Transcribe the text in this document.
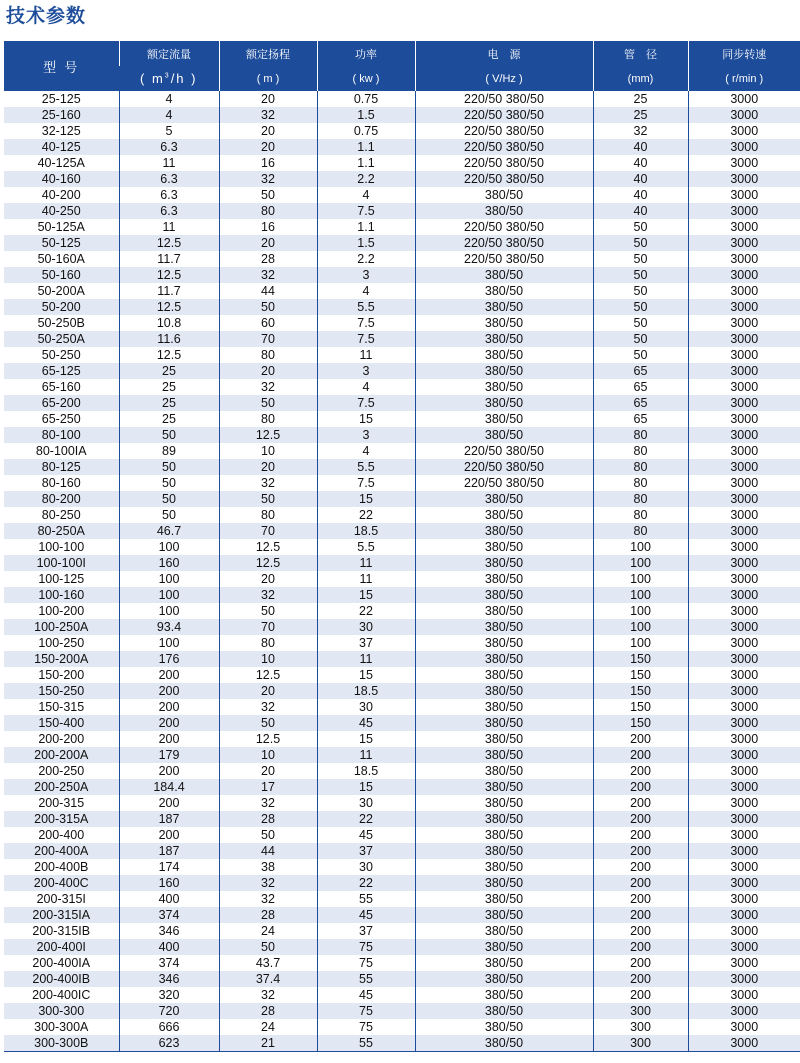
技术参数
型 号	额定流量	额定扬程	功率	电　源	管　径	同步转速
	( $m^3/h$ )	( m )	( kw )	( V/Hz )	(mm)	( r/min )
25-125	4	20	0.75	220/50 380/50	25	3000
25-160	4	32	1.5	220/50 380/50	25	3000
32-125	5	20	0.75	220/50 380/50	32	3000
40-125	6.3	20	1.1	220/50 380/50	40	3000
40-125A	11	16	1.1	220/50 380/50	40	3000
40-160	6.3	32	2.2	220/50 380/50	40	3000
40-200	6.3	50	4	380/50	40	3000
40-250	6.3	80	7.5	380/50	40	3000
50-125A	11	16	1.1	220/50 380/50	50	3000
50-125	12.5	20	1.5	220/50 380/50	50	3000
50-160A	11.7	28	2.2	220/50 380/50	50	3000
50-160	12.5	32	3	380/50	50	3000
50-200A	11.7	44	4	380/50	50	3000
50-200	12.5	50	5.5	380/50	50	3000
50-250B	10.8	60	7.5	380/50	50	3000
50-250A	11.6	70	7.5	380/50	50	3000
50-250	12.5	80	11	380/50	50	3000
65-125	25	20	3	380/50	65	3000
65-160	25	32	4	380/50	65	3000
65-200	25	50	7.5	380/50	65	3000
65-250	25	80	15	380/50	65	3000
80-100	50	12.5	3	380/50	80	3000
80-100IA	89	10	4	220/50 380/50	80	3000
80-125	50	20	5.5	220/50 380/50	80	3000
80-160	50	32	7.5	220/50 380/50	80	3000
80-200	50	50	15	380/50	80	3000
80-250	50	80	22	380/50	80	3000
80-250A	46.7	70	18.5	380/50	80	3000
100-100	100	12.5	5.5	380/50	100	3000
100-100I	160	12.5	11	380/50	100	3000
100-125	100	20	11	380/50	100	3000
100-160	100	32	15	380/50	100	3000
100-200	100	50	22	380/50	100	3000
100-250A	93.4	70	30	380/50	100	3000
100-250	100	80	37	380/50	100	3000
150-200A	176	10	11	380/50	150	3000
150-200	200	12.5	15	380/50	150	3000
150-250	200	20	18.5	380/50	150	3000
150-315	200	32	30	380/50	150	3000
150-400	200	50	45	380/50	150	3000
200-200	200	12.5	15	380/50	200	3000
200-200A	179	10	11	380/50	200	3000
200-250	200	20	18.5	380/50	200	3000
200-250A	184.4	17	15	380/50	200	3000
200-315	200	32	30	380/50	200	3000
200-315A	187	28	22	380/50	200	3000
200-400	200	50	45	380/50	200	3000
200-400A	187	44	37	380/50	200	3000
200-400B	174	38	30	380/50	200	3000
200-400C	160	32	22	380/50	200	3000
200-315I	400	32	55	380/50	200	3000
200-315IA	374	28	45	380/50	200	3000
200-315IB	346	24	37	380/50	200	3000
200-400I	400	50	75	380/50	200	3000
200-400IA	374	43.7	75	380/50	200	3000
200-400IB	346	37.4	55	380/50	200	3000
200-400IC	320	32	45	380/50	200	3000
300-300	720	28	75	380/50	300	3000
300-300A	666	24	75	380/50	300	3000
300-300B	623	21	55	380/50	300	3000
